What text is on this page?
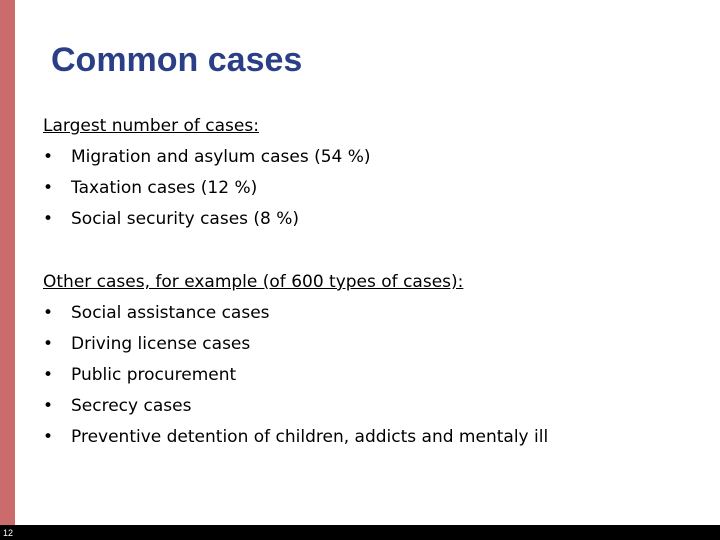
Common cases
Largest number of cases:
• Migration and asylum cases (54 %)
• Taxation cases (12 %)
• Social security cases (8 %)
Other cases, for example (of 600 types of cases):
• Social assistance cases
• Driving license cases
• Public procurement
• Secrecy cases
• Preventive detention of children, addicts and mentaly ill
12
